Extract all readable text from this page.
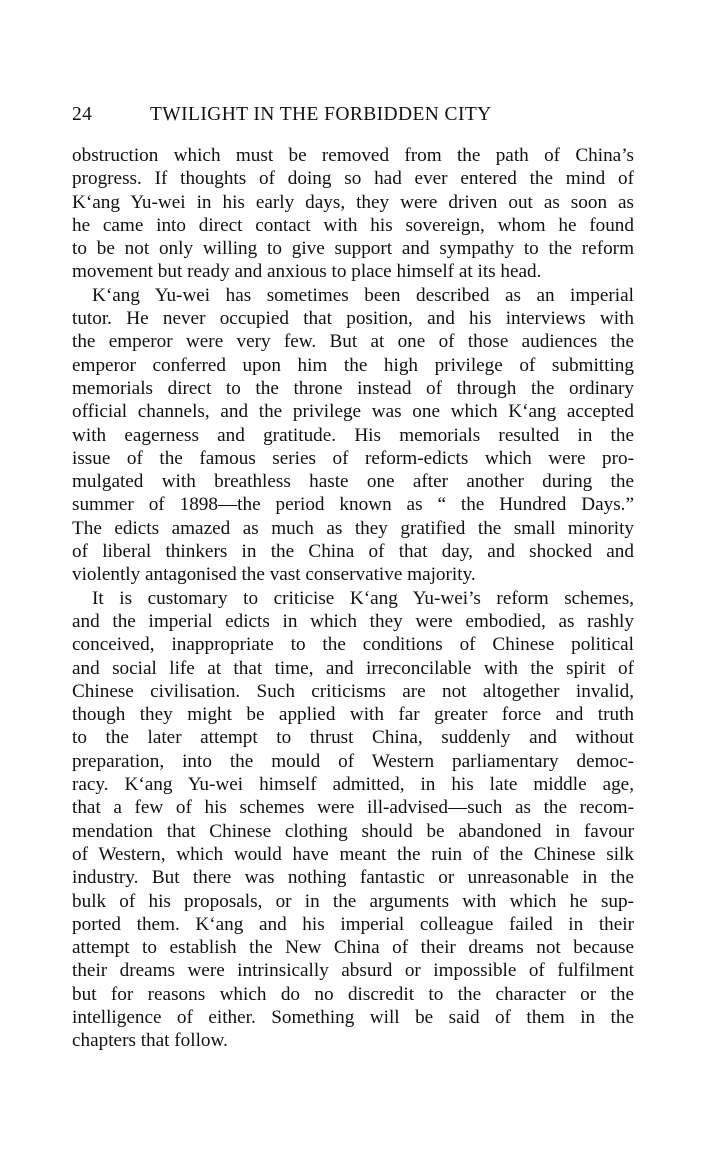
24	TWILIGHT IN THE FORBIDDEN CITY
obstruction which must be removed from the path of China’s
progress. If thoughts of doing so had ever entered the mind of
K‘ang Yu-wei in his early days, they were driven out as soon as
he came into direct contact with his sovereign, whom he found
to be not only willing to give support and sympathy to the reform
movement but ready and anxious to place himself at its head.
K‘ang Yu-wei has sometimes been described as an imperial
tutor. He never occupied that position, and his interviews with
the emperor were very few. But at one of those audiences the
emperor conferred upon him the high privilege of submitting
memorials direct to the throne instead of through the ordinary
official channels, and the privilege was one which K‘ang accepted
with eagerness and gratitude. His memorials resulted in the
issue of the famous series of reform-edicts which were pro-
mulgated with breathless haste one after another during the
summer of 1898—the period known as “ the Hundred Days.”
The edicts amazed as much as they gratified the small minority
of liberal thinkers in the China of that day, and shocked and
violently antagonised the vast conservative majority.
It is customary to criticise K‘ang Yu-wei’s reform schemes,
and the imperial edicts in which they were embodied, as rashly
conceived, inappropriate to the conditions of Chinese political
and social life at that time, and irreconcilable with the spirit of
Chinese civilisation. Such criticisms are not altogether invalid,
though they might be applied with far greater force and truth
to the later attempt to thrust China, suddenly and without
preparation, into the mould of Western parliamentary democ-
racy. K‘ang Yu-wei himself admitted, in his late middle age,
that a few of his schemes were ill-advised—such as the recom-
mendation that Chinese clothing should be abandoned in favour
of Western, which would have meant the ruin of the Chinese silk
industry. But there was nothing fantastic or unreasonable in the
bulk of his proposals, or in the arguments with which he sup-
ported them. K‘ang and his imperial colleague failed in their
attempt to establish the New China of their dreams not because
their dreams were intrinsically absurd or impossible of fulfilment
but for reasons which do no discredit to the character or the
intelligence of either. Something will be said of them in the
chapters that follow.
